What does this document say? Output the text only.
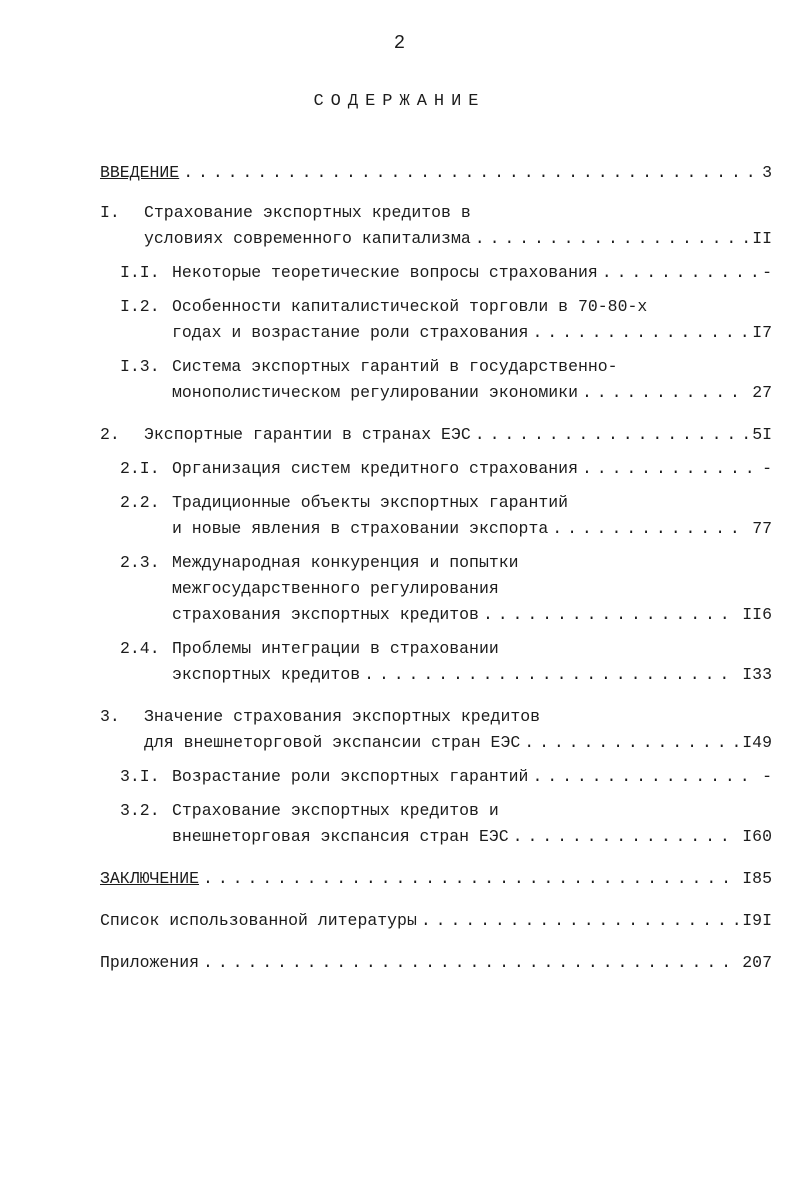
2
СОДЕРЖАНИЕ
ВВЕДЕНИЕ . . .	3
I.	Страхование экспортных кредитов в
условиях современного капитализма . . .	II
I.I. Некоторые теоретические вопросы страхования . . .	-
I.2. Особенности капиталистической торговли в 70-80-х
годах и возрастание роли страхования . . .	I7
I.3. Система экспортных гарантий в государственно-
монополистическом регулировании экономики . . .	27
2.	Экспортные гарантии в странах ЕЭС . . .	5I
2.I. Организация систем кредитного страхования . . .	-
2.2. Традиционные объекты экспортных гарантий
и новые явления в страховании экспорта . . .	77
2.3. Международная конкуренция и попытки
межгосударственного регулирования
страхования экспортных кредитов . . .	II6
2.4. Проблемы интеграции в страховании
экспортных кредитов . . .	I33
3.	Значение страхования экспортных кредитов
для внешнеторговой экспансии стран ЕЭС . . .	I49
3.I. Возрастание роли экспортных гарантий . . .	-
3.2. Страхование экспортных кредитов и
внешнеторговая экспансия стран ЕЭС . . .	I60
ЗАКЛЮЧЕНИЕ . . .	I85
Список использованной литературы . . .	I9I
Приложения . . .	207
